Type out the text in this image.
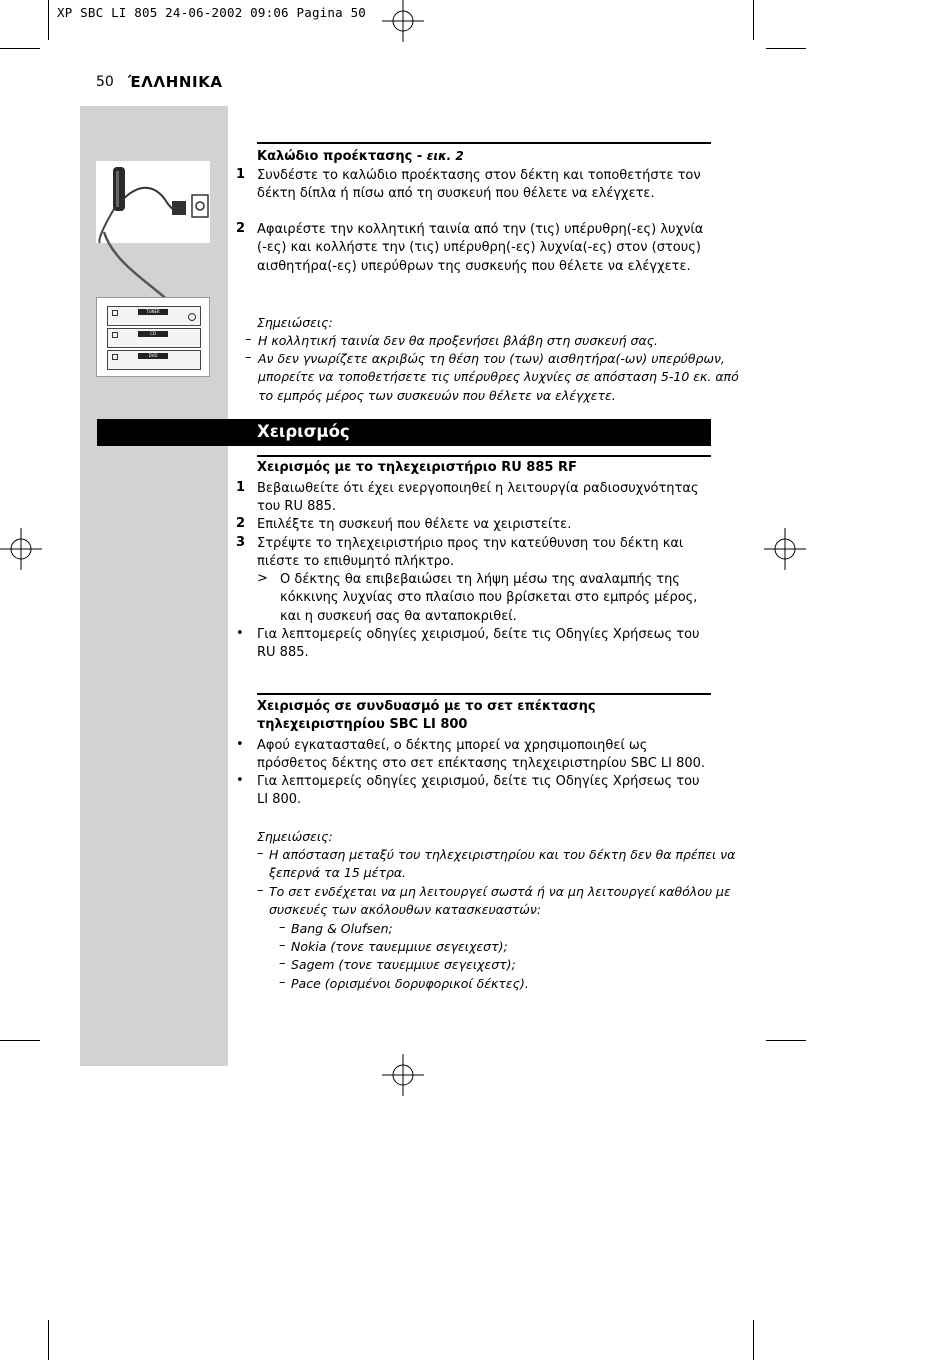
XP SBC LI 805 24-06-2002 09:06 Pagina 50
50 ΈΛΛΗΝΙΚΑ
TUNER
CD
DVD
Καλώδιο προέκτασης - εικ. 2
1 Συνδέστε το καλώδιο προέκτασης στον δέκτη και τοποθετήστε τον
δέκτη δίπλα ή πίσω από τη συσκευή που θέλετε να ελέγχετε.
2 Αφαιρέστε την κολλητική ταινία από την (τις) υπέρυθρη(-ες) λυχνία
(-ες) και κολλήστε την (τις) υπέρυθρη(-ες) λυχνία(-ες) στον (στους)
αισθητήρα(-ες) υπερύθρων της συσκευής που θέλετε να ελέγχετε.
Σημειώσεις:
– Η κολλητική ταινία δεν θα προξενήσει βλάβη στη συσκευή σας.
– Αν δεν γνωρίζετε ακριβώς τη θέση του (των) αισθητήρα(-ων) υπερύθρων,
μπορείτε να τοποθετήσετε τις υπέρυθρες λυχνίες σε απόσταση 5-10 εκ. από
το εμπρός μέρος των συσκευών που θέλετε να ελέγχετε.
Χειρισμός
Χειρισμός με το τηλεχειριστήριο RU 885 RF
1 Βεβαιωθείτε ότι έχει ενεργοποιηθεί η λειτουργία ραδιοσυχνότητας
του RU 885.
2 Επιλέξτε τη συσκευή που θέλετε να χειριστείτε.
3 Στρέψτε το τηλεχειριστήριο προς την κατεύθυνση του δέκτη και
πιέστε το επιθυμητό πλήκτρο.
> Ο δέκτης θα επιβεβαιώσει τη λήψη μέσω της αναλαμπής της
κόκκινης λυχνίας στο πλαίσιο που βρίσκεται στο εμπρός μέρος,
και η συσκευή σας θα ανταποκριθεί.
• Για λεπτομερείς οδηγίες χειρισμού, δείτε τις Οδηγίες Χρήσεως του
RU 885.
Χειρισμός σε συνδυασμό με το σετ επέκτασης
τηλεχειριστηρίου SBC LI 800
• Αφού εγκατασταθεί, ο δέκτης μπορεί να χρησιμοποιηθεί ως
πρόσθετος δέκτης στο σετ επέκτασης τηλεχειριστηρίου SBC LI 800.
• Για λεπτομερείς οδηγίες χειρισμού, δείτε τις Οδηγίες Χρήσεως του
LI 800.
Σημειώσεις:
– Η απόσταση μεταξύ του τηλεχειριστηρίου και του δέκτη δεν θα πρέπει να
ξεπερνά τα 15 μέτρα.
– Το σετ ενδέχεται να μη λειτουργεί σωστά ή να μη λειτουργεί καθόλου με
συσκευές των ακόλουθων κατασκευαστών:
– Bang & Olufsen;
– Nokia (τονε ταυεμμιυε σεγειχεστ);
– Sagem (τονε ταυεμμιυε σεγειχεστ);
– Pace (ορισμένοι δορυφορικοί δέκτες).
